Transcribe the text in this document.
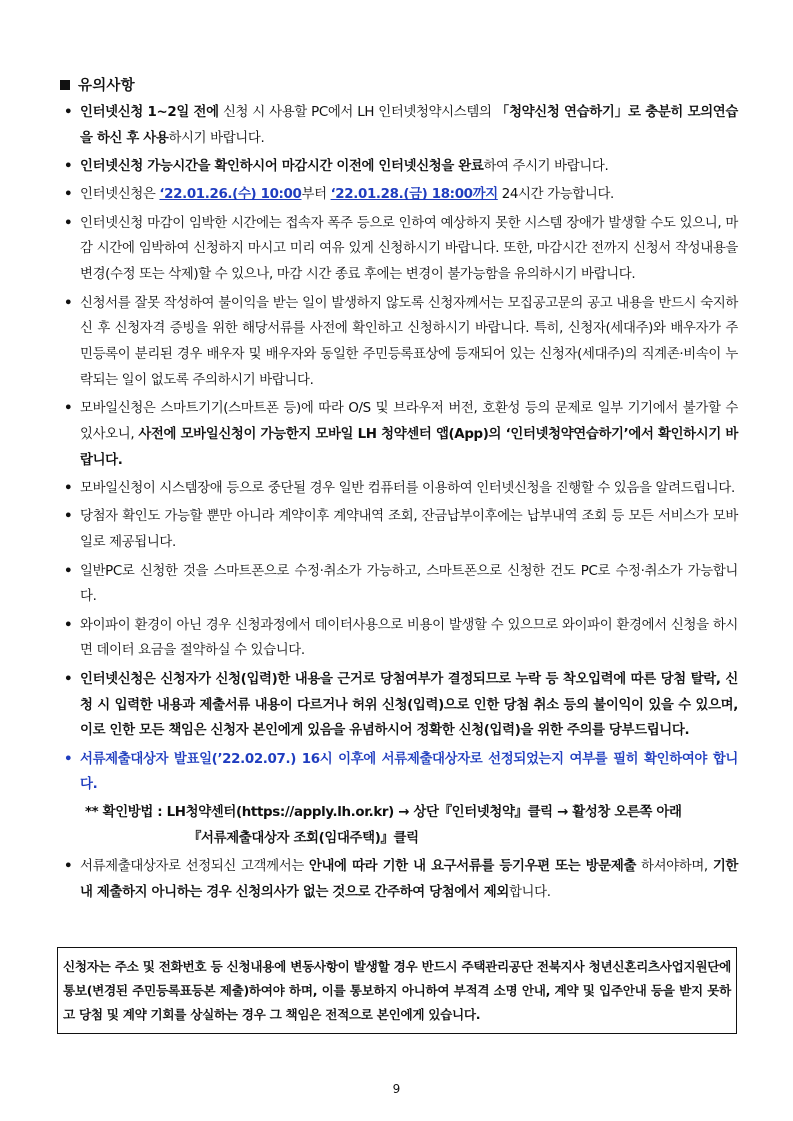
유의사항
• 인터넷신청 1~2일 전에 신청 시 사용할 PC에서 LH 인터넷청약시스템의 「청약신청 연습하기」로 충분히 모의연습을 하신 후 사용하시기 바랍니다.
• 인터넷신청 가능시간을 확인하시어 마감시간 이전에 인터넷신청을 완료하여 주시기 바랍니다.
• 인터넷신청은 ‘22.01.26.(수) 10:00부터 ‘22.01.28.(금) 18:00까지 24시간 가능합니다.
• 인터넷신청 마감이 임박한 시간에는 접속자 폭주 등으로 인하여 예상하지 못한 시스템 장애가 발생할 수도 있으니, 마감 시간에 임박하여 신청하지 마시고 미리 여유 있게 신청하시기 바랍니다. 또한, 마감시간 전까지 신청서 작성내용을 변경(수정 또는 삭제)할 수 있으나, 마감 시간 종료 후에는 변경이 불가능함을 유의하시기 바랍니다.
• 신청서를 잘못 작성하여 불이익을 받는 일이 발생하지 않도록 신청자께서는 모집공고문의 공고 내용을 반드시 숙지하신 후 신청자격 증빙을 위한 해당서류를 사전에 확인하고 신청하시기 바랍니다. 특히, 신청자(세대주)와 배우자가 주민등록이 분리된 경우 배우자 및 배우자와 동일한 주민등록표상에 등재되어 있는 신청자(세대주)의 직계존·비속이 누락되는 일이 없도록 주의하시기 바랍니다.
• 모바일신청은 스마트기기(스마트폰 등)에 따라 O/S 및 브라우저 버전, 호환성 등의 문제로 일부 기기에서 불가할 수 있사오니, 사전에 모바일신청이 가능한지 모바일 LH 청약센터 앱(App)의 ‘인터넷청약연습하기’에서 확인하시기 바랍니다.
• 모바일신청이 시스템장애 등으로 중단될 경우 일반 컴퓨터를 이용하여 인터넷신청을 진행할 수 있음을 알려드립니다.
• 당첨자 확인도 가능할 뿐만 아니라 계약이후 계약내역 조회, 잔금납부이후에는 납부내역 조회 등 모든 서비스가 모바일로 제공됩니다.
• 일반PC로 신청한 것을 스마트폰으로 수정·취소가 가능하고, 스마트폰으로 신청한 건도 PC로 수정·취소가 가능합니다.
• 와이파이 환경이 아닌 경우 신청과정에서 데이터사용으로 비용이 발생할 수 있으므로 와이파이 환경에서 신청을 하시면 데이터 요금을 절약하실 수 있습니다.
• 인터넷신청은 신청자가 신청(입력)한 내용을 근거로 당첨여부가 결정되므로 누락 등 착오입력에 따른 당첨 탈락, 신청 시 입력한 내용과 제출서류 내용이 다르거나 허위 신청(입력)으로 인한 당첨 취소 등의 불이익이 있을 수 있으며, 이로 인한 모든 책임은 신청자 본인에게 있음을 유념하시어 정확한 신청(입력)을 위한 주의를 당부드립니다.
• 서류제출대상자 발표일(’22.02.07.) 16시 이후에 서류제출대상자로 선정되었는지 여부를 필히 확인하여야 합니다.
** 확인방법 : LH청약센터(https://apply.lh.or.kr) → 상단『인터넷청약』클릭 → 활성창 오른쪽 아래
『서류제출대상자 조회(임대주택)』클릭
• 서류제출대상자로 선정되신 고객께서는 안내에 따라 기한 내 요구서류를 등기우편 또는 방문제출 하셔야하며, 기한 내 제출하지 아니하는 경우 신청의사가 없는 것으로 간주하여 당첨에서 제외합니다.
신청자는 주소 및 전화번호 등 신청내용에 변동사항이 발생할 경우 반드시 주택관리공단 전북지사 청년신혼리츠사업지원단에 통보(변경된 주민등록표등본 제출)하여야 하며, 이를 통보하지 아니하여 부적격 소명 안내, 계약 및 입주안내 등을 받지 못하고 당첨 및 계약 기회를 상실하는 경우 그 책임은 전적으로 본인에게 있습니다.
9
